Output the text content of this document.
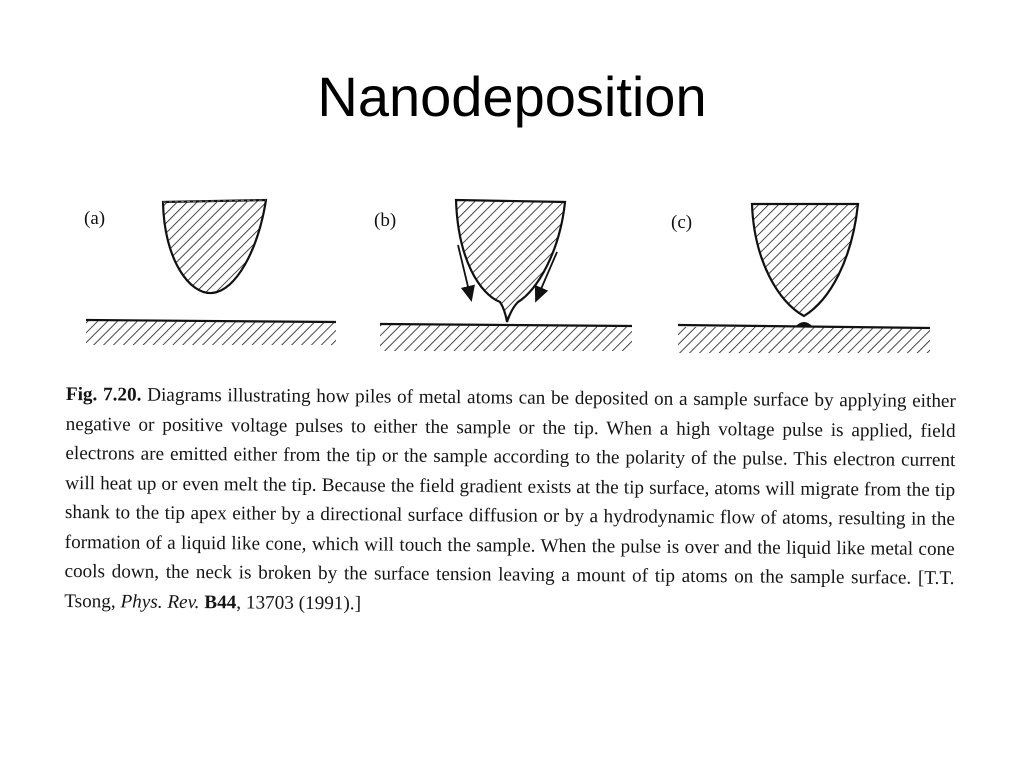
Nanodeposition
(a)	(b)	(c)
Fig. 7.20. Diagrams illustrating how piles of metal atoms can be deposited on a sample surface by applying either negative or positive voltage pulses to either the sample or the tip. When a high voltage pulse is applied, field electrons are emitted either from the tip or the sample according to the polarity of the pulse. This electron current will heat up or even melt the tip. Because the field gradient exists at the tip surface, atoms will migrate from the tip shank to the tip apex either by a directional surface diffusion or by a hydrodynamic flow of atoms, resulting in the formation of a liquid like cone, which will touch the sample. When the pulse is over and the liquid like metal cone cools down, the neck is broken by the surface tension leaving a mount of tip atoms on the sample surface. [T.T. Tsong, Phys. Rev. B44, 13703 (1991).]
